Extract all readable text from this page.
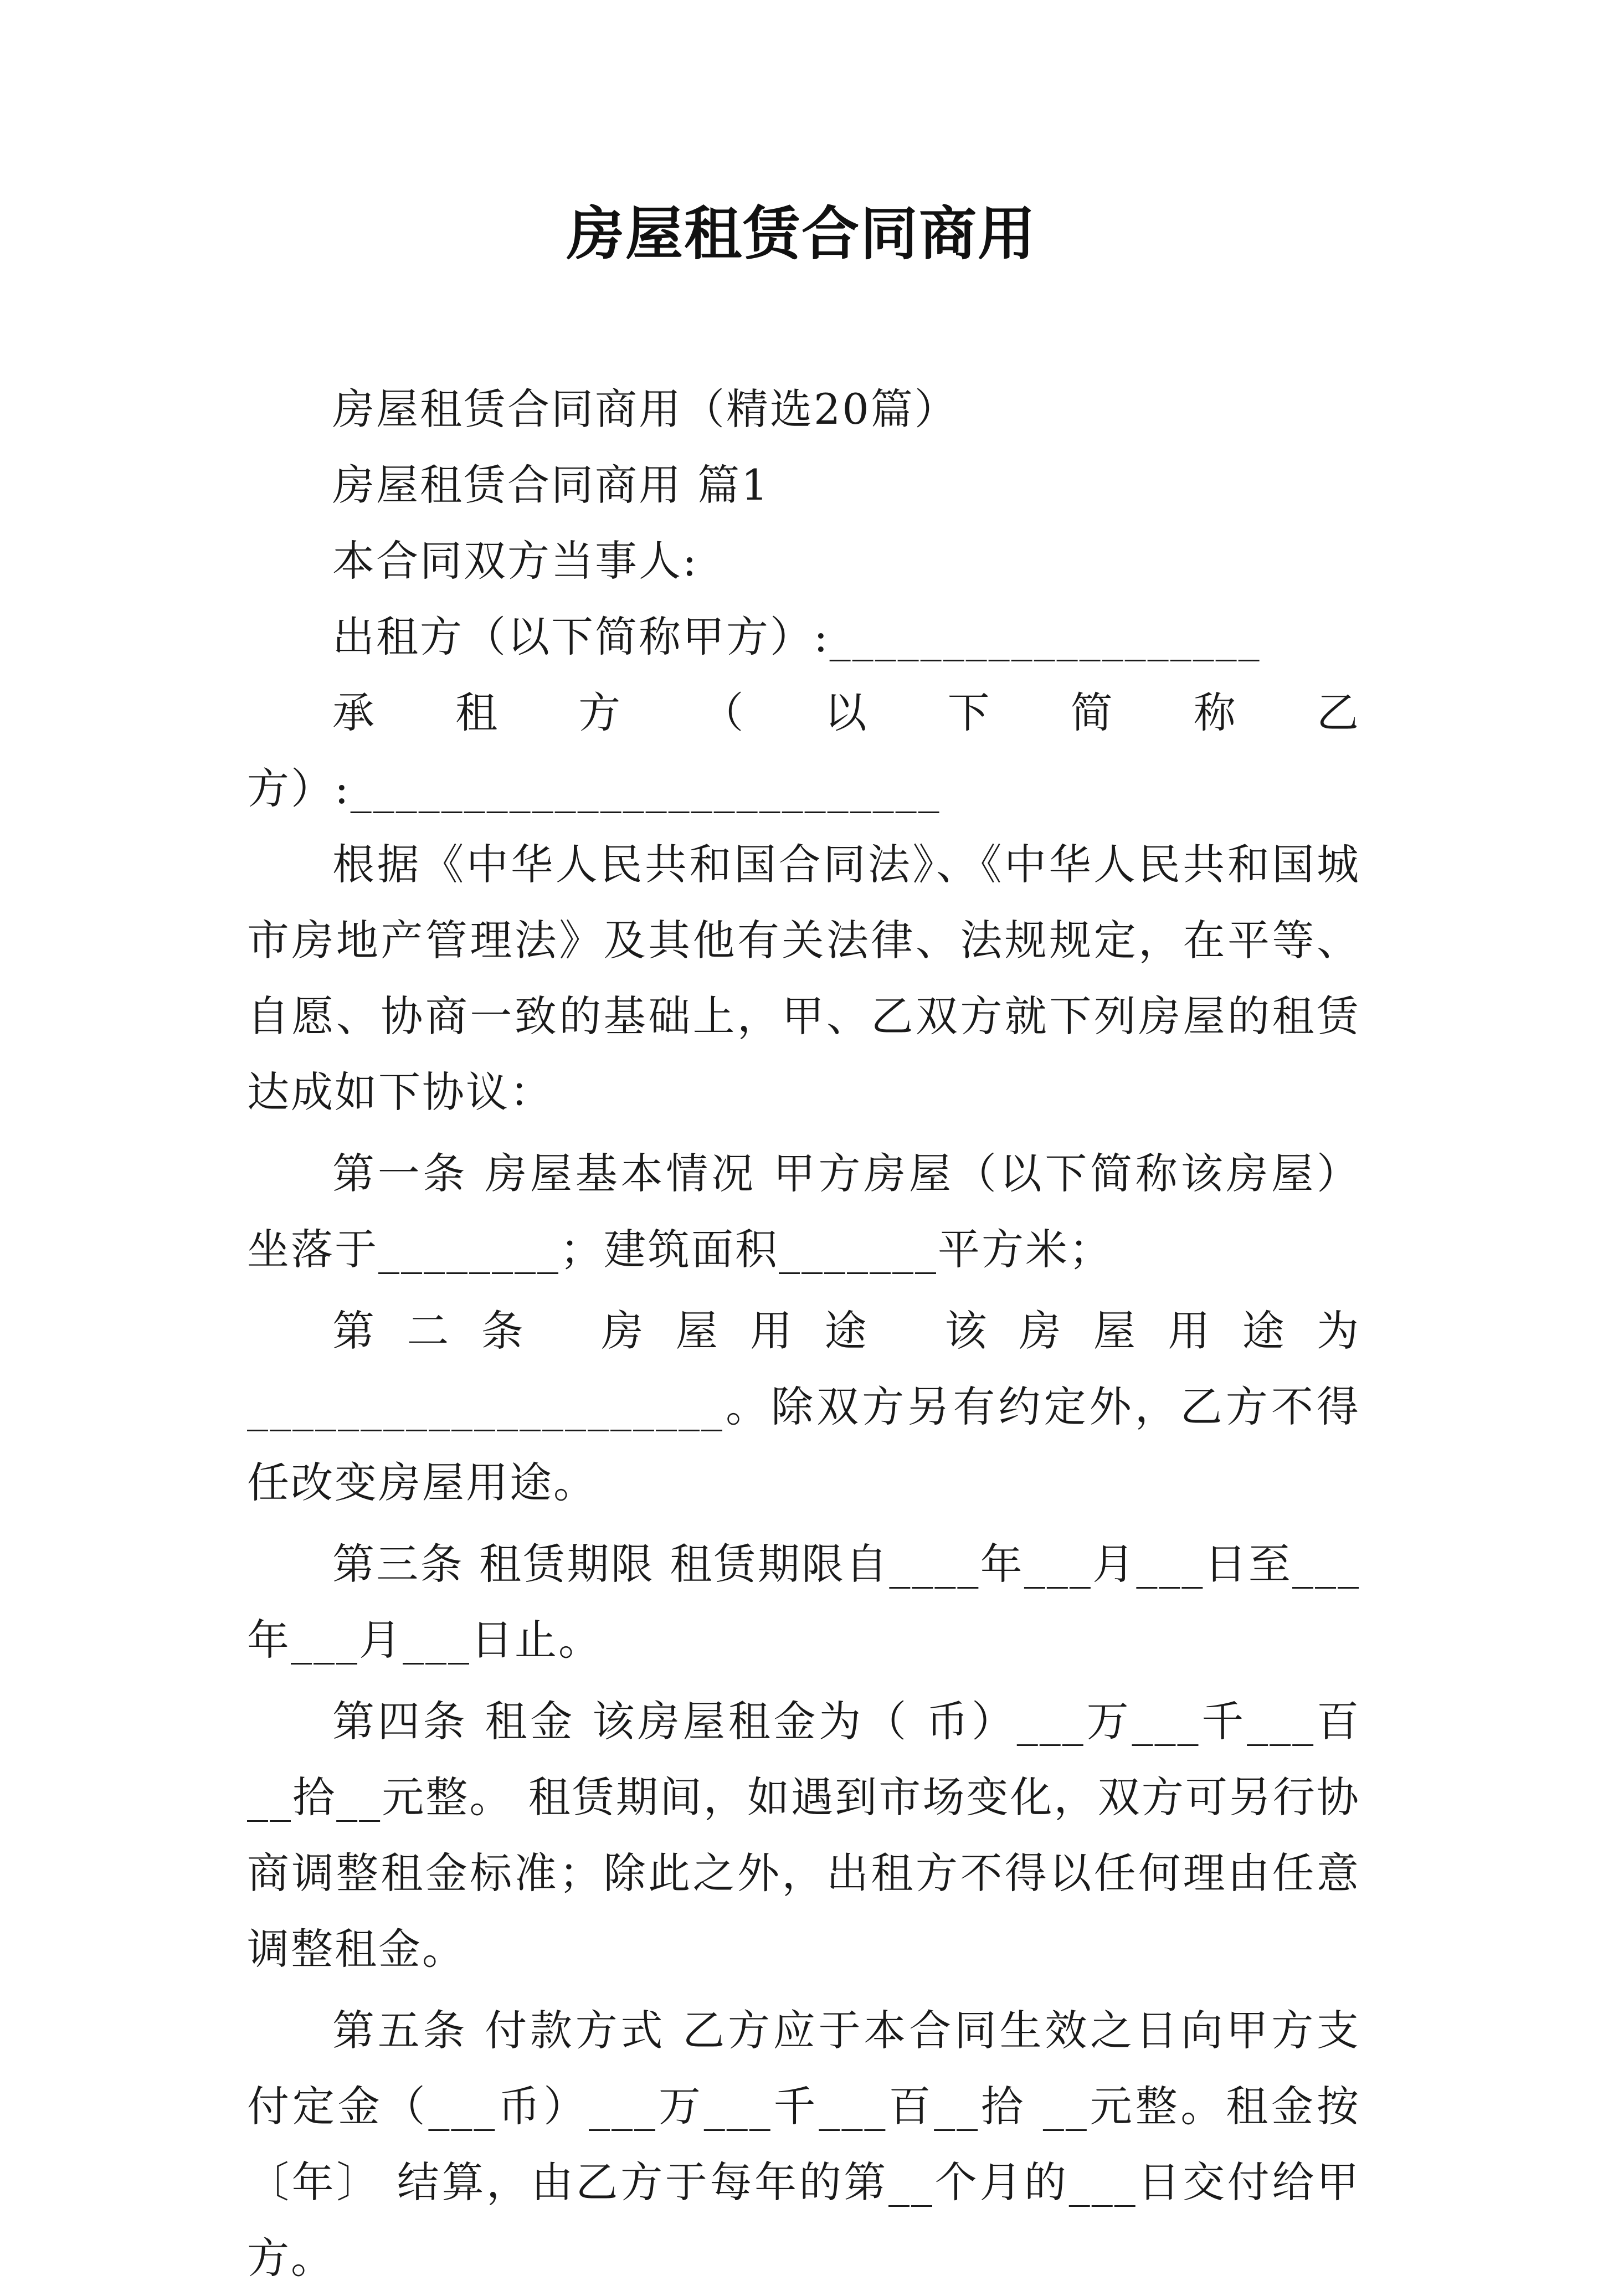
房屋租赁合同商用

房屋租赁合同商用（精选20篇）

房屋租赁合同商用 篇1

本合同双方当事人:

出租方（以下简称甲方）:___________________

承租方（以下简称乙方）:__________________________

根据《中华人民共和国合同法》、《中华人民共和国城市房地产管理法》及其他有关法律、法规规定，在平等、自愿、协商一致的基础上，甲、乙双方就下列房屋的租赁达成如下协议：

第一条 房屋基本情况 甲方房屋（以下简称该房屋）坐落于________；建筑面积_______平方米；

第二条 房屋用途 该房屋用途为_____________________。除双方另有约定外，乙方不得任改变房屋用途。

第三条 租赁期限 租赁期限自____年___月___日至___年___月___日止。

第四条 租金 该房屋租金为（ 币）___万___千___百__拾__元整。 租赁期间，如遇到市场变化，双方可另行协商调整租金标准；除此之外，出租方不得以任何理由任意调整租金。

第五条 付款方式 乙方应于本合同生效之日向甲方支付定金（___币）___万___千___百__拾 __元整。租金按〔年〕 结算，由乙方于每年的第__个月的___日交付给甲方。
